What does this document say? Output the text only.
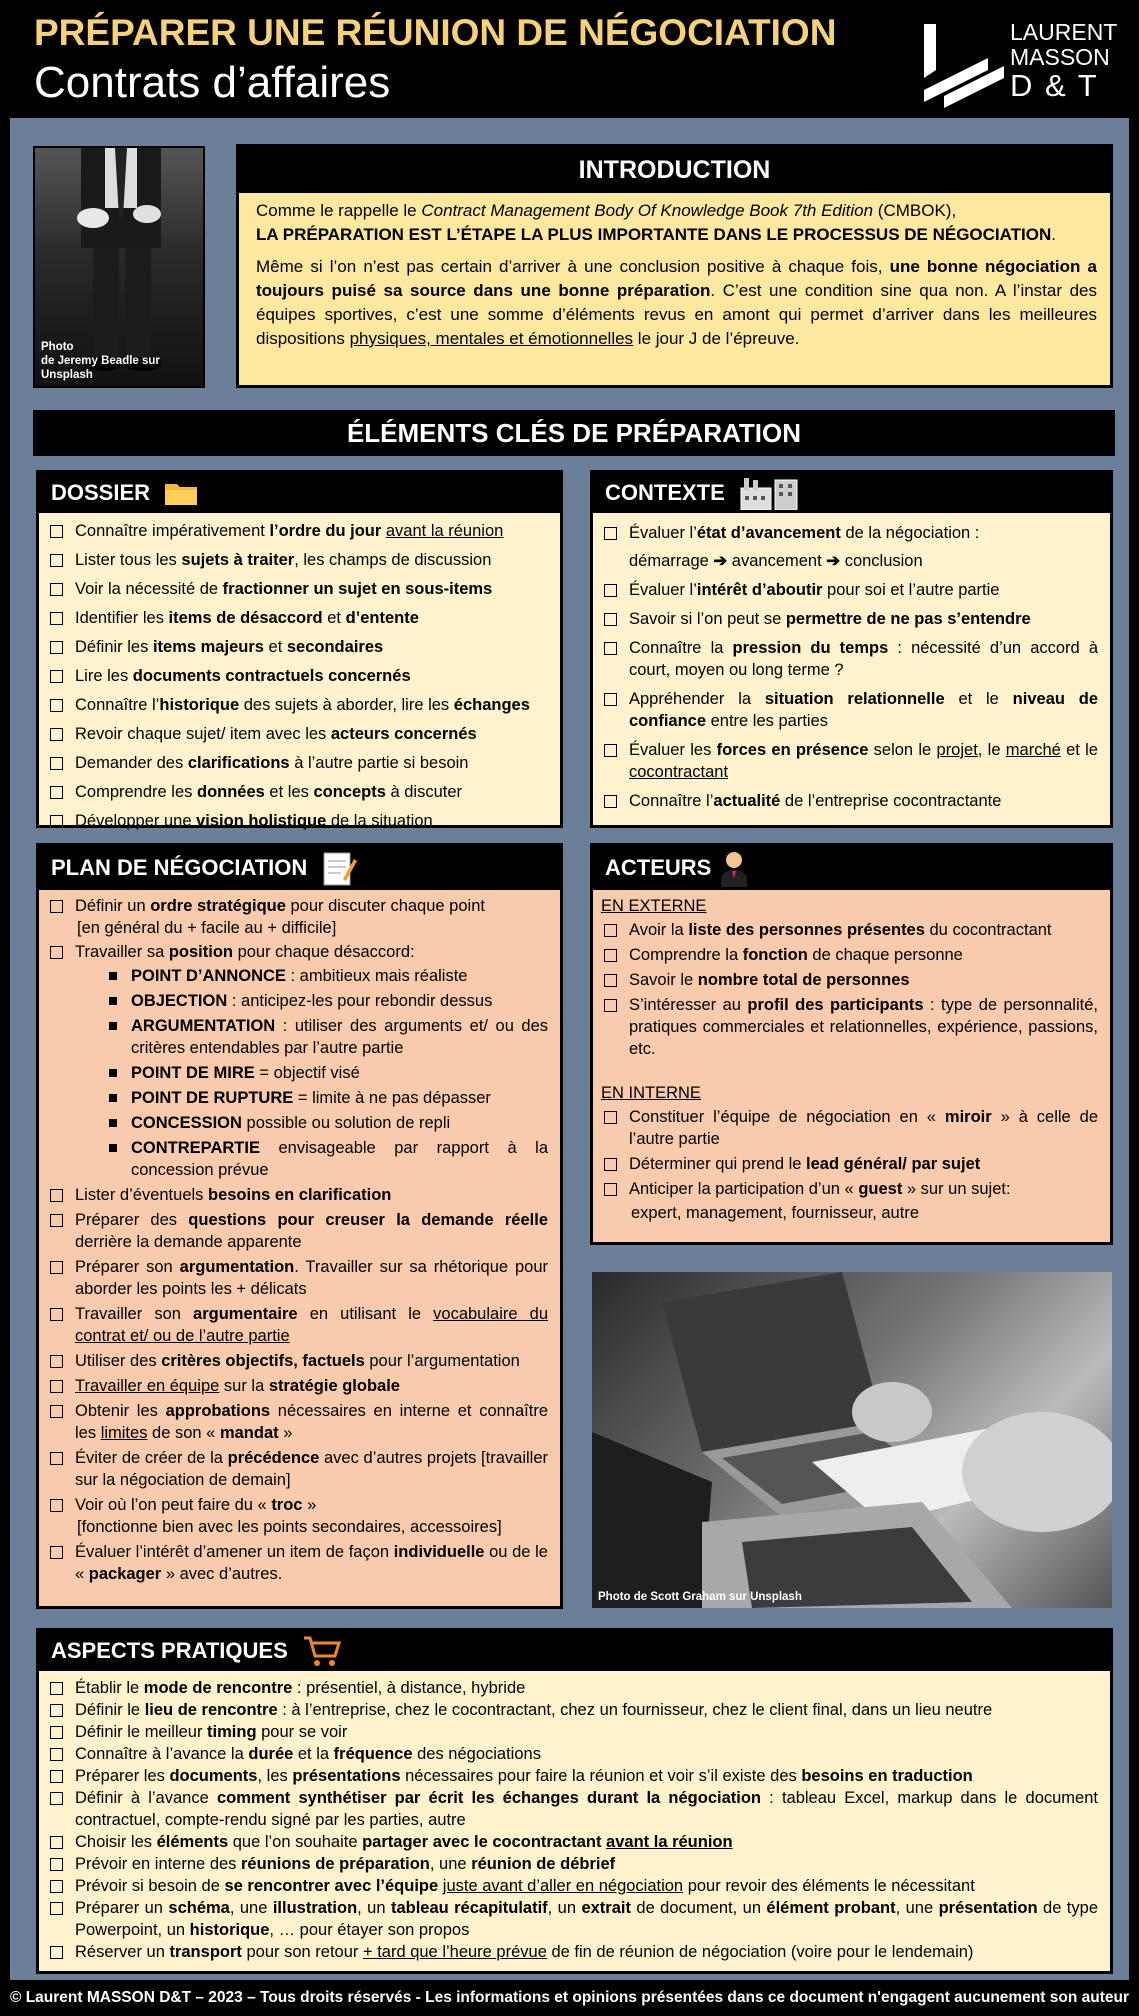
PRÉPARER UNE RÉUNION DE NÉGOCIATION
Contrats d’affaires
LAURENT
MASSON
D & T
Photo
de Jeremy Beadle sur Unsplash
INTRODUCTION

Comme le rappelle le Contract Management Body Of Knowledge Book 7th Edition (CMBOK),
LA PRÉPARATION EST L’ÉTAPE LA PLUS IMPORTANTE DANS LE PROCESSUS DE NÉGOCIATION.

Même si l’on n’est pas certain d’arriver à une conclusion positive à chaque fois, une bonne négociation a toujours puisé sa source dans une bonne préparation. C’est une condition sine qua non. A l’instar des équipes sportives, c’est une somme d’éléments revus en amont qui permet d’arriver dans les meilleures dispositions physiques, mentales et émotionnelles le jour J de l’épreuve.

ÉLÉMENTS CLÉS DE PRÉPARATION
DOSSIER
Connaître impérativement l’ordre du jour avant la réunion
Lister tous les sujets à traiter, les champs de discussion
Voir la nécessité de fractionner un sujet en sous-items
Identifier les items de désaccord et d’entente
Définir les items majeurs et secondaires
Lire les documents contractuels concernés
Connaître l’historique des sujets à aborder, lire les échanges
Revoir chaque sujet/ item avec les acteurs concernés
Demander des clarifications à l’autre partie si besoin
Comprendre les données et les concepts à discuter
Développer une vision holistique de la situation
CONTEXTE
Évaluer l’état d’avancement de la négociation :
démarrage ➔ avancement ➔ conclusion
Évaluer l’intérêt d’aboutir pour soi et l’autre partie
Savoir si l’on peut se permettre de ne pas s’entendre
Connaître la pression du temps : nécessité d’un accord à court, moyen ou long terme ?
Appréhender la situation relationnelle et le niveau de confiance entre les parties
Évaluer les forces en présence selon le projet, le marché et le cocontractant
Connaître l’actualité de l’entreprise cocontractante
PLAN DE NÉGOCIATION
Définir un ordre stratégique pour discuter chaque point
[en général du + facile au + difficile]
Travailler sa position pour chaque désaccord:
POINT D’ANNONCE : ambitieux mais réaliste
OBJECTION : anticipez-les pour rebondir dessus
ARGUMENTATION : utiliser des arguments et/ ou des critères entendables par l’autre partie
POINT DE MIRE = objectif visé
POINT DE RUPTURE = limite à ne pas dépasser
CONCESSION possible ou solution de repli
CONTREPARTIE envisageable par rapport à la concession prévue
Lister d’éventuels besoins en clarification
Préparer des questions pour creuser la demande réelle derrière la demande apparente
Préparer son argumentation. Travailler sur sa rhétorique pour aborder les points les + délicats
Travailler son argumentaire en utilisant le vocabulaire du contrat et/ ou de l’autre partie
Utiliser des critères objectifs, factuels pour l’argumentation
Travailler en équipe sur la stratégie globale
Obtenir les approbations nécessaires en interne et connaître les limites de son « mandat »
Éviter de créer de la précédence avec d’autres projets [travailler sur la négociation de demain]
Voir où l’on peut faire du « troc »
[fonctionne bien avec les points secondaires, accessoires]
Évaluer l’intérêt d’amener un item de façon individuelle ou de le « packager » avec d’autres.
ACTEURS
EN EXTERNE
Avoir la liste des personnes présentes du cocontractant
Comprendre la fonction de chaque personne
Savoir le nombre total de personnes
S’intéresser au profil des participants : type de personnalité, pratiques commerciales et relationnelles, expérience, passions, etc.
EN INTERNE
Constituer l’équipe de négociation en « miroir » à celle de l’autre partie
Déterminer qui prend le lead général/ par sujet
Anticiper la participation d’un « guest » sur un sujet:
expert, management, fournisseur, autre
Photo de Scott Graham sur Unsplash
ASPECTS PRATIQUES
Établir le mode de rencontre : présentiel, à distance, hybride
Définir le lieu de rencontre : à l’entreprise, chez le cocontractant, chez un fournisseur, chez le client final, dans un lieu neutre
Définir le meilleur timing pour se voir
Connaître à l’avance la durée et la fréquence des négociations
Préparer les documents, les présentations nécessaires pour faire la réunion et voir s’il existe des besoins en traduction
Définir à l’avance comment synthétiser par écrit les échanges durant la négociation : tableau Excel, markup dans le document contractuel, compte-rendu signé par les parties, autre
Choisir les éléments que l’on souhaite partager avec le cocontractant avant la réunion
Prévoir en interne des réunions de préparation, une réunion de débrief
Prévoir si besoin de se rencontrer avec l’équipe juste avant d’aller en négociation pour revoir des éléments le nécessitant
Préparer un schéma, une illustration, un tableau récapitulatif, un extrait de document, un élément probant, une présentation de type Powerpoint, un historique, … pour étayer son propos
Réserver un transport pour son retour + tard que l’heure prévue de fin de réunion de négociation (voire pour le lendemain)
© Laurent MASSON D&T – 2023 – Tous droits réservés - Les informations et opinions présentées dans ce document n'engagent aucunement son auteur
